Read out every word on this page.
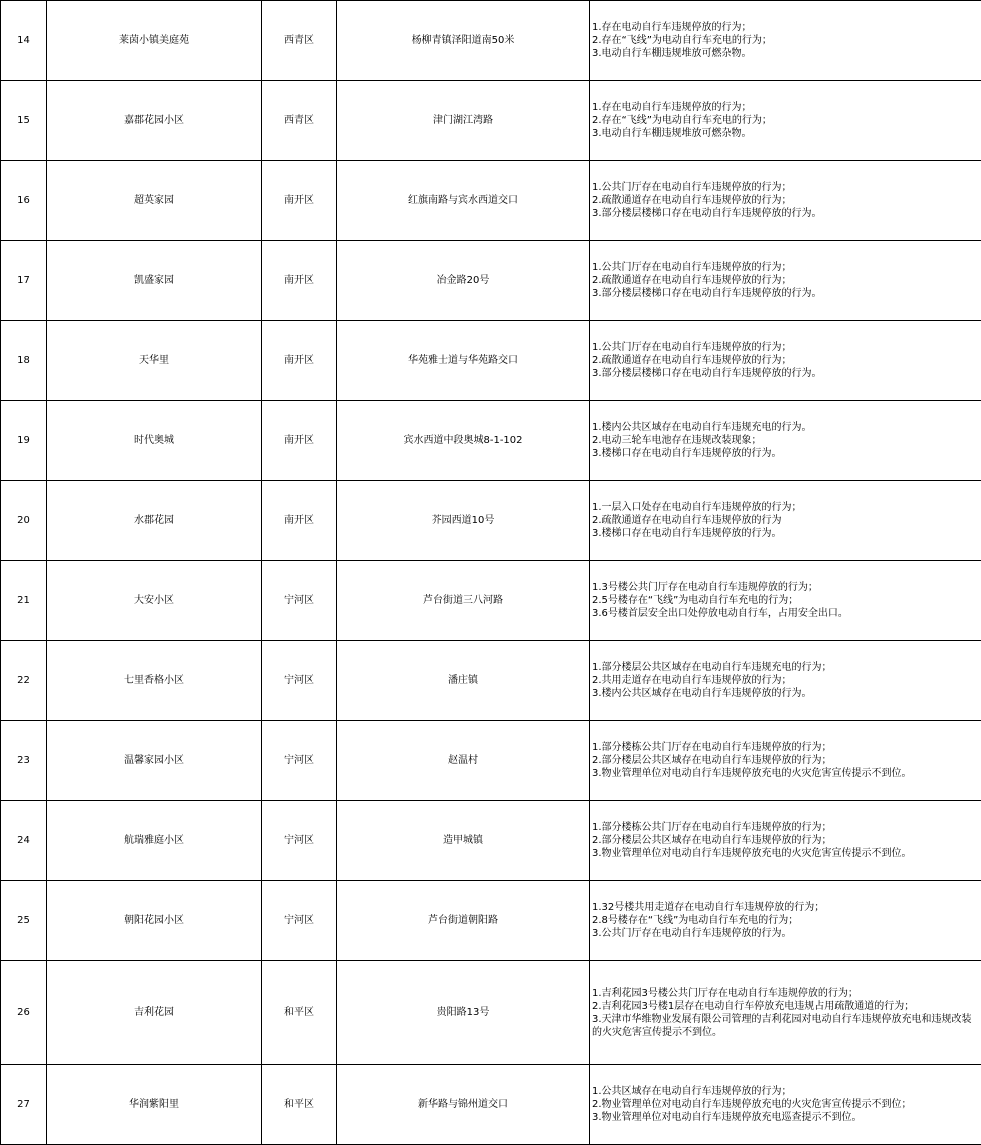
14	莱茵小镇美庭苑	西青区	杨柳青镇泽阳道南50米	1.存在电动自行车违规停放的行为；
2.存在“飞线”为电动自行车充电的行为；
3.电动自行车棚违规堆放可燃杂物。

15	嘉郡花园小区	西青区	津门湖江湾路	1.存在电动自行车违规停放的行为；
2.存在“飞线”为电动自行车充电的行为；
3.电动自行车棚违规堆放可燃杂物。

16	超英家园	南开区	红旗南路与宾水西道交口	1.公共门厅存在电动自行车违规停放的行为；
2.疏散通道存在电动自行车违规停放的行为；
3.部分楼层楼梯口存在电动自行车违规停放的行为。

17	凯盛家园	南开区	冶金路20号	1.公共门厅存在电动自行车违规停放的行为；
2.疏散通道存在电动自行车违规停放的行为；
3.部分楼层楼梯口存在电动自行车违规停放的行为。

18	天华里	南开区	华苑雅士道与华苑路交口	1.公共门厅存在电动自行车违规停放的行为；
2.疏散通道存在电动自行车违规停放的行为；
3.部分楼层楼梯口存在电动自行车违规停放的行为。

19	时代奥城	南开区	宾水西道中段奥城8-1-102	1.楼内公共区域存在电动自行车违规充电的行为。
2.电动三轮车电池存在违规改装现象；
3.楼梯口存在电动自行车违规停放的行为。

20	水郡花园	南开区	芥园西道10号	1.一层入口处存在电动自行车违规停放的行为；
2.疏散通道存在电动自行车违规停放的行为
3.楼梯口存在电动自行车违规停放的行为。

21	大安小区	宁河区	芦台街道三八河路	1.3号楼公共门厅存在电动自行车违规停放的行为；
2.5号楼存在“飞线”为电动自行车充电的行为；
3.6号楼首层安全出口处停放电动自行车，占用安全出口。

22	七里香格小区	宁河区	潘庄镇	1.部分楼层公共区域存在电动自行车违规充电的行为；
2.共用走道存在电动自行车违规停放的行为；
3.楼内公共区域存在电动自行车违规停放的行为。

23	温馨家园小区	宁河区	赵温村	1.部分楼栋公共门厅存在电动自行车违规停放的行为；
2.部分楼层公共区域存在电动自行车违规停放的行为；
3.物业管理单位对电动自行车违规停放充电的火灾危害宣传提示不到位。

24	航瑞雅庭小区	宁河区	造甲城镇	1.部分楼栋公共门厅存在电动自行车违规停放的行为；
2.部分楼层公共区域存在电动自行车违规停放的行为；
3.物业管理单位对电动自行车违规停放充电的火灾危害宣传提示不到位。

25	朝阳花园小区	宁河区	芦台街道朝阳路	1.32号楼共用走道存在电动自行车违规停放的行为；
2.8号楼存在“飞线”为电动自行车充电的行为；
3.公共门厅存在电动自行车违规停放的行为。

26	吉利花园	和平区	贵阳路13号	1.吉利花园3号楼公共门厅存在电动自行车违规停放的行为；
2.吉利花园3号楼1层存在电动自行车停放充电违规占用疏散通道的行为；
3.天津市华维物业发展有限公司管理的吉利花园对电动自行车违规停放充电和违规改装的火灾危害宣传提示不到位。

27	华润紫阳里	和平区	新华路与锦州道交口	1.公共区域存在电动自行车违规停放的行为；
2.物业管理单位对电动自行车违规停放充电的火灾危害宣传提示不到位；
3.物业管理单位对电动自行车违规停放充电巡查提示不到位。
